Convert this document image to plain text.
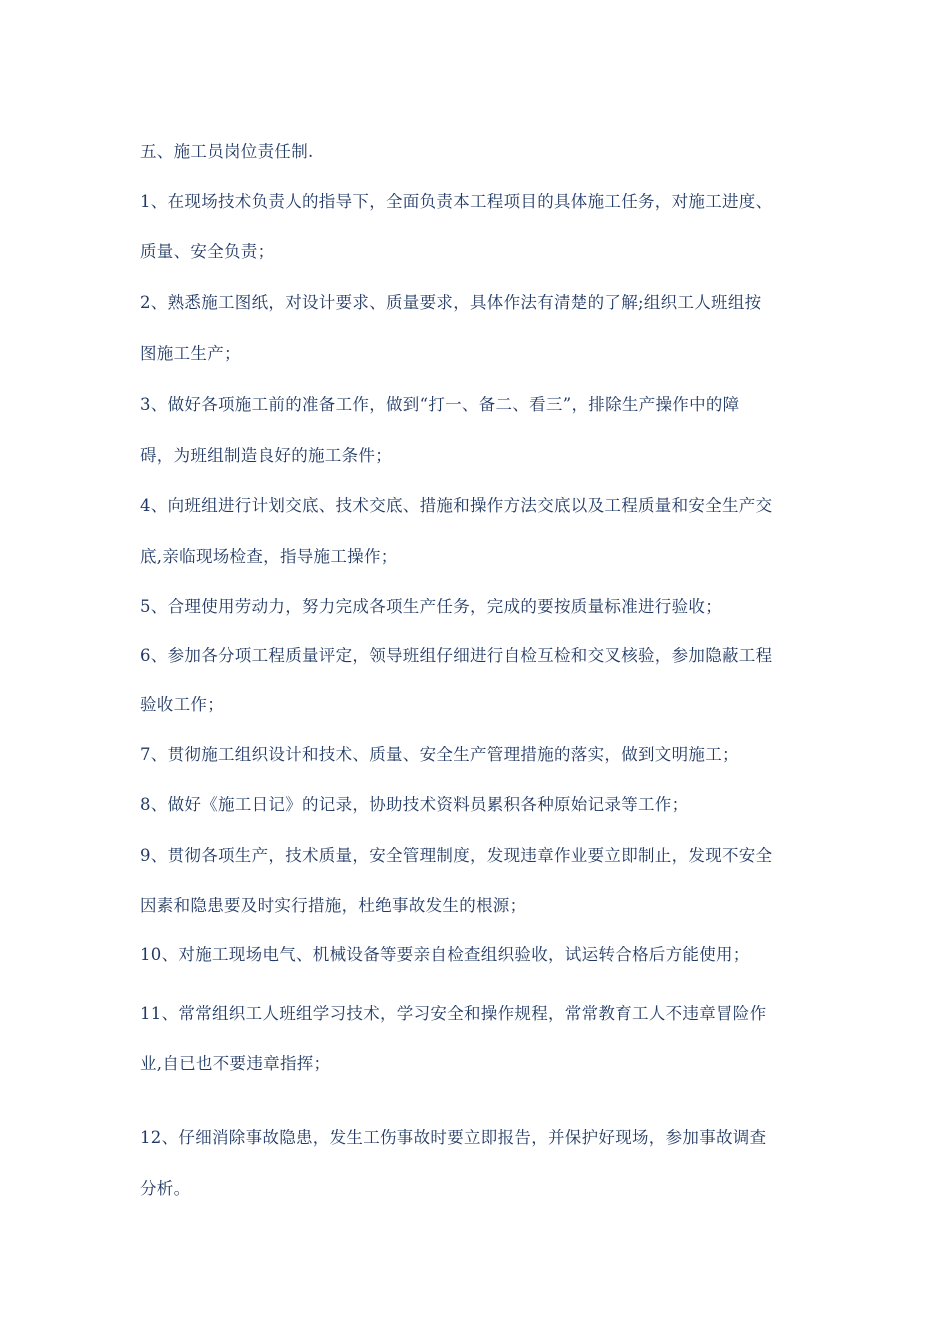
五、施工员岗位责任制.
1、在现场技术负责人的指导下，全面负责本工程项目的具体施工任务，对施工进度、
质量、安全负责；
2、熟悉施工图纸，对设计要求、质量要求，具体作法有清楚的了解;组织工人班组按
图施工生产；
3、做好各项施工前的准备工作，做到“打一、备二、看三”，排除生产操作中的障
碍，为班组制造良好的施工条件；
4、向班组进行计划交底、技术交底、措施和操作方法交底以及工程质量和安全生产交
底,亲临现场检查，指导施工操作；
5、合理使用劳动力，努力完成各项生产任务，完成的要按质量标准进行验收；
6、参加各分项工程质量评定，领导班组仔细进行自检互检和交叉核验，参加隐蔽工程
验收工作；
7、贯彻施工组织设计和技术、质量、安全生产管理措施的落实，做到文明施工；
8、做好《施工日记》的记录，协助技术资料员累积各种原始记录等工作；
9、贯彻各项生产，技术质量，安全管理制度，发现违章作业要立即制止，发现不安全
因素和隐患要及时实行措施，杜绝事故发生的根源；
10、对施工现场电气、机械设备等要亲自检查组织验收，试运转合格后方能使用；
11、常常组织工人班组学习技术，学习安全和操作规程，常常教育工人不违章冒险作
业,自已也不要违章指挥；
12、仔细消除事故隐患，发生工伤事故时要立即报告，并保护好现场，参加事故调查
分析。
